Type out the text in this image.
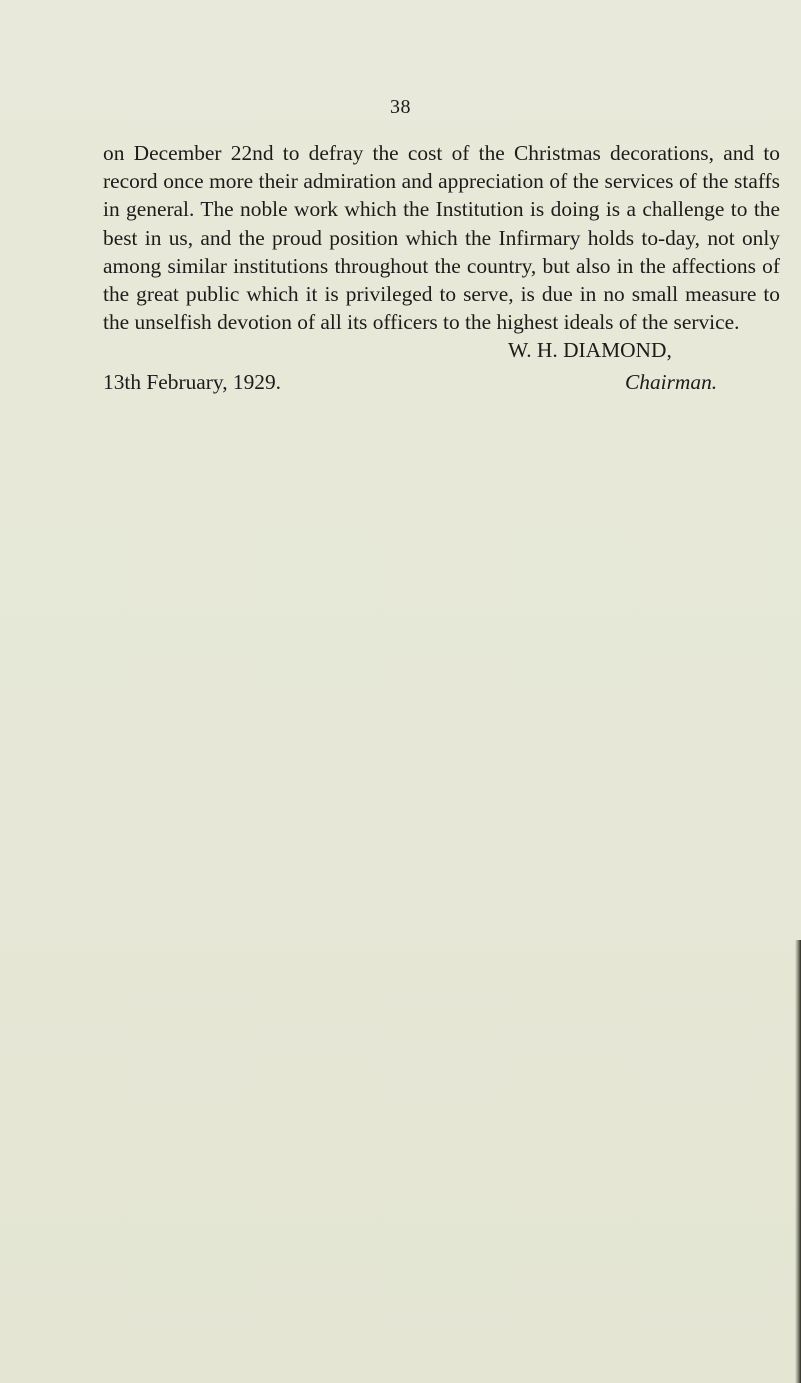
38

on December 22nd to defray the cost of the Christmas decorations, and to record once more their admiration and appreciation of the services of the staffs in general. The noble work which the Institution is doing is a challenge to the best in us, and the proud position which the Infirmary holds to-day, not only among similar institutions throughout the country, but also in the affections of the great public which it is privileged to serve, is due in no small measure to the unselfish devotion of all its officers to the highest ideals of the service.

W. H. DIAMOND,
13th February, 1929.	Chairman.
